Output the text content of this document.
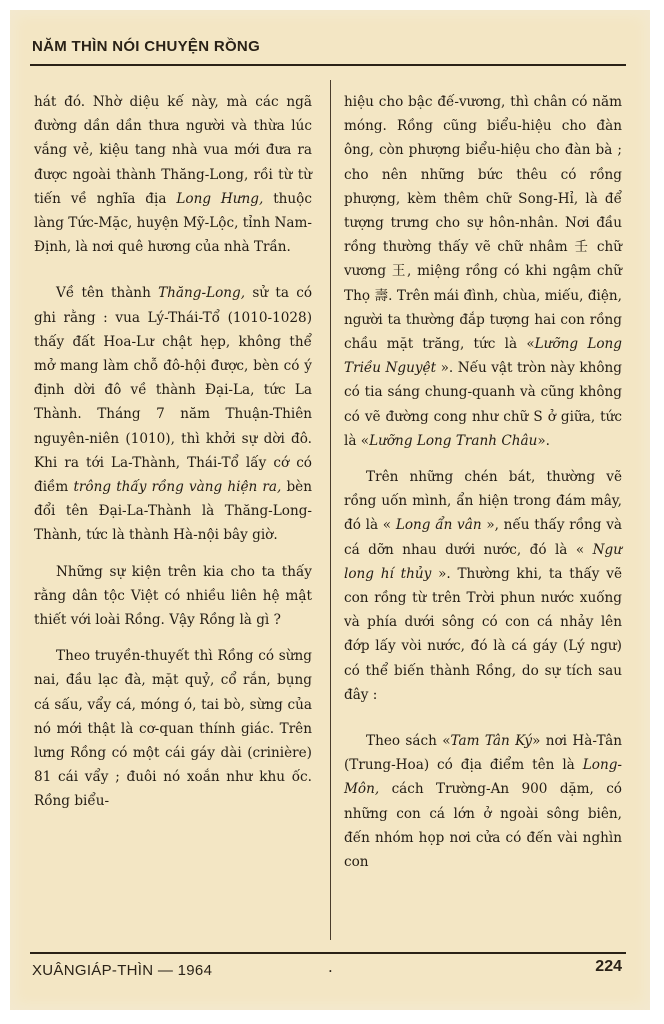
NĂM THÌN NÓI CHUYỆN RỒNG

hát đó. Nhờ diệu kế này, mà các ngã đường dần dần thưa người và thừa lúc vắng vẻ, kiệu tang nhà vua mới đưa ra được ngoài thành Thăng-Long, rồi từ từ tiến về nghĩa địa Long Hưng, thuộc làng Tức-Mặc, huyện Mỹ-Lộc, tỉnh Nam-Định, là nơi quê hương của nhà Trần.

Về tên thành Thăng-Long, sử ta có ghi rằng : vua Lý-Thái-Tổ (1010-1028) thấy đất Hoa-Lư chật hẹp, không thể mở mang làm chỗ đô-hội được, bèn có ý định dời đô về thành Đại-La, tức La Thành. Tháng 7 năm Thuận-Thiên nguyên-niên (1010), thì khởi sự dời đô. Khi ra tới La-Thành, Thái-Tổ lấy cớ có điềm trông thấy rồng vàng hiện ra, bèn đổi tên Đại-La-Thành là Thăng-Long-Thành, tức là thành Hà-nội bây giờ.

Những sự kiện trên kia cho ta thấy rằng dân tộc Việt có nhiều liên hệ mật thiết với loài Rồng. Vậy Rồng là gì ?

Theo truyền-thuyết thì Rồng có sừng nai, đầu lạc đà, mặt quỷ, cổ rắn, bụng cá sấu, vẩy cá, móng ó, tai bò, sừng của nó mới thật là cơ-quan thính giác. Trên lưng Rồng có một cái gáy dài (crinière) 81 cái vẩy ; đuôi nó xoắn như khu ốc. Rồng biểu-

hiệu cho bậc đế-vương, thì chân có năm móng. Rồng cũng biểu-hiệu cho đàn ông, còn phượng biểu-hiệu cho đàn bà ; cho nên những bức thêu có rồng phượng, kèm thêm chữ Song-Hỉ, là để tượng trưng cho sự hôn-nhân. Nơi đầu rồng thường thấy vẽ chữ nhâm 壬 chữ vương 王, miệng rồng có khi ngậm chữ Thọ 壽. Trên mái đình, chùa, miếu, điện, người ta thường đắp tượng hai con rồng chầu mặt trăng, tức là «Lưỡng Long Triều Nguyệt ». Nếu vật tròn này không có tia sáng chung-quanh và cũng không có vẽ đường cong như chữ S ở giữa, tức là «Lưỡng Long Tranh Châu».

Trên những chén bát, thường vẽ rồng uốn mình, ẩn hiện trong đám mây, đó là « Long ẩn vân », nếu thấy rồng và cá dỡn nhau dưới nước, đó là « Ngư long hí thủy ». Thường khi, ta thấy vẽ con rồng từ trên Trời phun nước xuống và phía dưới sông có con cá nhảy lên đớp lấy vòi nước, đó là cá gáy (Lý ngư) có thể biến thành Rồng, do sự tích sau đây :

Theo sách «Tam Tân Ký» nơi Hà-Tân (Trung-Hoa) có địa điểm tên là Long-Môn, cách Trường-An 900 dặm, có những con cá lớn ở ngoài sông biên, đến nhóm họp nơi cửa có đến vài nghìn con

XUÂNGIÁP-THÌN — 1964	·	224
